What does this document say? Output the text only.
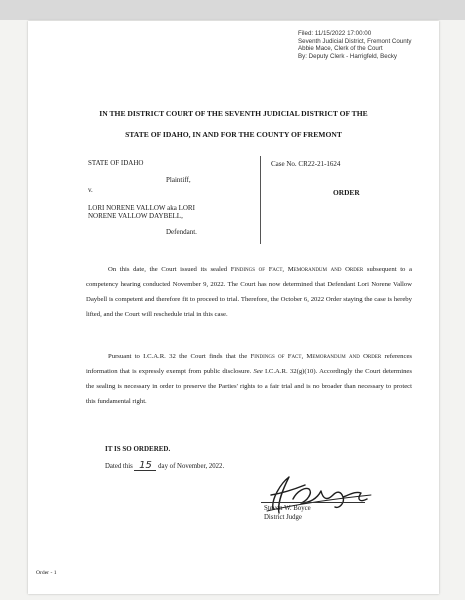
Filed: 11/15/2022 17:00:00
Seventh Judicial District, Fremont County
Abbie Mace, Clerk of the Court
By: Deputy Clerk - Harrigfeld, Becky
IN THE DISTRICT COURT OF THE SEVENTH JUDICIAL DISTRICT OF THE
STATE OF IDAHO, IN AND FOR THE COUNTY OF FREMONT
STATE OF IDAHO
Plaintiff,
v.
LORI NORENE VALLOW aka LORI
NORENE VALLOW DAYBELL,
Defendant.
Case No. CR22-21-1624
ORDER
On this date, the Court issued its sealed Findings of Fact, Memorandum and Order subsequent to a competency hearing conducted November 9, 2022. The Court has now determined that Defendant Lori Norene Vallow Daybell is competent and therefore fit to proceed to trial. Therefore, the October 6, 2022 Order staying the case is hereby lifted, and the Court will reschedule trial in this case.
Pursuant to I.C.A.R. 32 the Court finds that the Findings of Fact, Memorandum and Order references information that is expressly exempt from public disclosure. See I.C.A.R. 32(g)(10). Accordingly the Court determines the sealing is necessary in order to preserve the Parties' rights to a fair trial and is no broader than necessary to protect this fundamental right.
IT IS SO ORDERED.
Dated this 15 day of November, 2022.
Steven W. Boyce
District Judge
Order - 1
